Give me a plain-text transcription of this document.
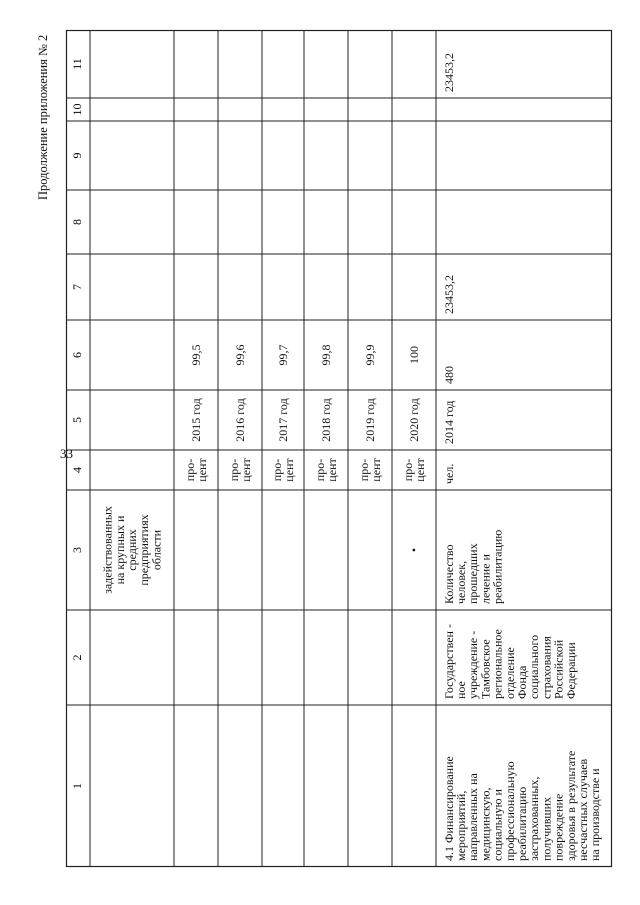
33
Продолжение приложения № 2
1
2
3
4
5
6
7
8
9
10
11
задействованных
на крупных и
средних
предприятиях
области
про-
цент
2015 год
99,5
про-
цент
2016 год
99,6
про-
цент
2017 год
99,7
про-
цент
2018 год
99,8
про-
цент
2019 год
99,9
•
про-
цент
2020 год
100
4.1 Финансирование
мероприятий,
направленных на
медицинскую,
социальную и
профессиональную
реабилитацию
застрахованных,
получивших
повреждение
здоровья в результате
несчастных случаев
на производстве и
Государствен -
ное
учреждение -
Тамбовское
региональное
отделение
Фонда
социального
страхования
Российской
Федерации
Количество
человек,
прошедших
лечение и
реабилитацию
чел.
2014 год
480
23453,2
23453,2
